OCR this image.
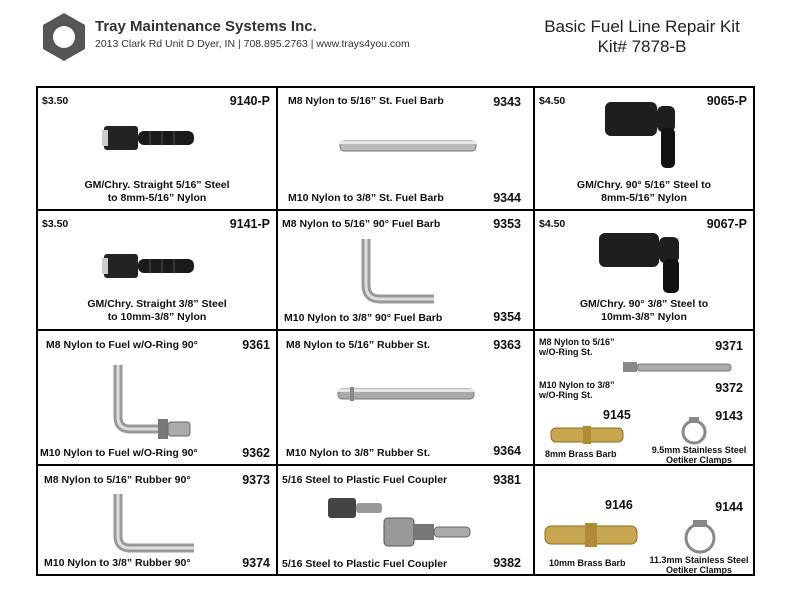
Tray Maintenance Systems Inc.
2013 Clark Rd Unit D Dyer, IN | 708.895.2763 | www.trays4you.com
Basic Fuel Line Repair Kit
Kit# 7878-B
$3.50	9140-P
GM/Chry. Straight 5/16” Steel
to 8mm-5/16” Nylon
M8 Nylon to 5/16” St. Fuel Barb	9343
M10 Nylon to 3/8” St. Fuel Barb	9344
$4.50	9065-P
GM/Chry. 90° 5/16” Steel to
8mm-5/16” Nylon
$3.50	9141-P
GM/Chry. Straight 3/8” Steel
to 10mm-3/8” Nylon
M8 Nylon to 5/16” 90° Fuel Barb	9353
M10 Nylon to 3/8” 90° Fuel Barb	9354
$4.50	9067-P
GM/Chry. 90° 3/8” Steel to
10mm-3/8” Nylon
M8 Nylon to Fuel w/O-Ring 90°	9361
M10 Nylon to Fuel w/O-Ring 90°	9362
M8 Nylon to 5/16” Rubber St.	9363
M10 Nylon to 3/8” Rubber St.	9364
M8 Nylon to 5/16”
w/O-Ring St.	9371
M10 Nylon to 3/8”
w/O-Ring St.	9372
9145
8mm Brass Barb
9143
9.5mm Stainless Steel
Oetiker Clamps
M8 Nylon to 5/16” Rubber 90°	9373
M10 Nylon to 3/8” Rubber 90°	9374
5/16 Steel to Plastic Fuel Coupler	9381
5/16 Steel to Plastic Fuel Coupler	9382
9146
10mm Brass Barb
9144
11.3mm Stainless Steel
Oetiker Clamps
